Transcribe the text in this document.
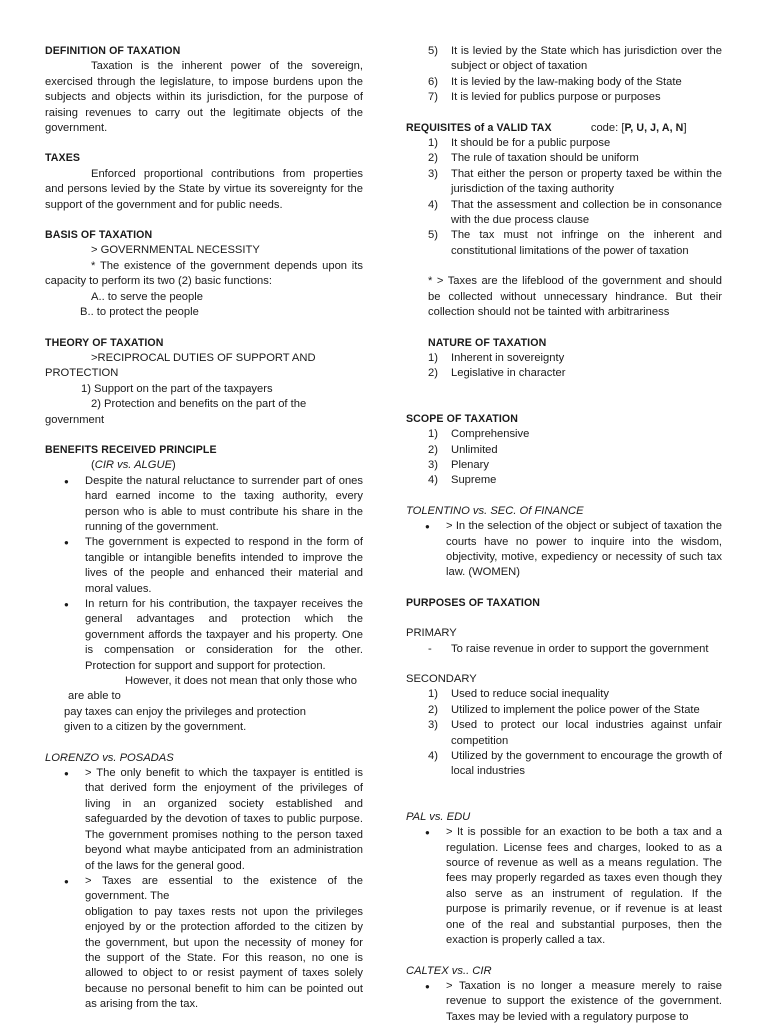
DEFINITION OF TAXATION
Taxation is the inherent power of the sovereign, exercised through the legislature, to impose burdens upon the subjects and objects within its jurisdiction, for the purpose of raising revenues to carry out the legitimate objects of the government.
TAXES
Enforced proportional contributions from properties and persons levied by the State by virtue its sovereignty for the support of the government and for public needs.
BASIS OF TAXATION
> GOVERNMENTAL NECESSITY
* The existence of the government depends upon its capacity to perform its two (2) basic functions:
A.. to serve the people
B.. to protect the people
THEORY OF TAXATION
>RECIPROCAL DUTIES OF SUPPORT AND
PROTECTION
1) Support on the part of the taxpayers
2) Protection and benefits on the part of the government
BENEFITS RECEIVED PRINCIPLE
(CIR vs. ALGUE)
● Despite the natural reluctance to surrender part of ones hard earned income to the taxing authority, every person who is able to must contribute his share in the running of the government.
● The government is expected to respond in the form of tangible or intangible benefits intended to improve the lives of the people and enhanced their material and moral values.
● In return for his contribution, the taxpayer receives the general advantages and protection which the government affords the taxpayer and his property. One is compensation or consideration for the other. Protection for support and support for protection.
However, it does not mean that only those who
are able to
pay taxes can enjoy the privileges and protection
given to a citizen by the government.
LORENZO vs. POSADAS
● > The only benefit to which the taxpayer is entitled is that derived form the enjoyment of the privileges of living in an organized society established and safeguarded by the devotion of taxes to public purpose. The government promises nothing to the person taxed beyond what maybe anticipated from an administration of the laws for the general good.
● > Taxes are essential to the existence of the government. The
obligation to pay taxes rests not upon the privileges enjoyed by or the protection afforded to the citizen by the government, but upon the necessity of money for the support of the State. For this reason, no one is allowed to object to or resist payment of taxes solely because no personal benefit to him can be pointed out as arising from the tax.
5) It is levied by the State which has jurisdiction over the subject or object of taxation
6) It is levied by the law-making body of the State
7) It is levied for publics purpose or purposes
REQUISITES of a VALID TAX	code: [P, U, J, A, N]
1) It should be for a public purpose
2) The rule of taxation should be uniform
3) That either the person or property taxed be within the jurisdiction of the taxing authority
4) That the assessment and collection be in consonance with the due process clause
5) The tax must not infringe on the inherent and constitutional limitations of the power of taxation
* > Taxes are the lifeblood of the government and should be collected without unnecessary hindrance. But their collection should not be tainted with arbitrariness
NATURE OF TAXATION
1) Inherent in sovereignty
2) Legislative in character
SCOPE OF TAXATION
1) Comprehensive
2) Unlimited
3) Plenary
4) Supreme
TOLENTINO vs. SEC. Of FINANCE
● > In the selection of the object or subject of taxation the courts have no power to inquire into the wisdom, objectivity, motive, expediency or necessity of such tax law. (WOMEN)
PURPOSES OF TAXATION
PRIMARY
- To raise revenue in order to support the government
SECONDARY
1) Used to reduce social inequality
2) Utilized to implement the police power of the State
3) Used to protect our local industries against unfair competition
4) Utilized by the government to encourage the growth of local industries
PAL vs. EDU
● > It is possible for an exaction to be both a tax and a regulation. License fees and charges, looked to as a source of revenue as well as a means regulation. The fees may properly regarded as taxes even though they also serve as an instrument of regulation. If the purpose is primarily revenue, or if revenue is at least one of the real and substantial purposes, then the exaction is properly called a tax.
CALTEX vs.. CIR
● > Taxation is no longer a measure merely to raise revenue to support the existence of the government. Taxes may be levied with a regulatory purpose to
